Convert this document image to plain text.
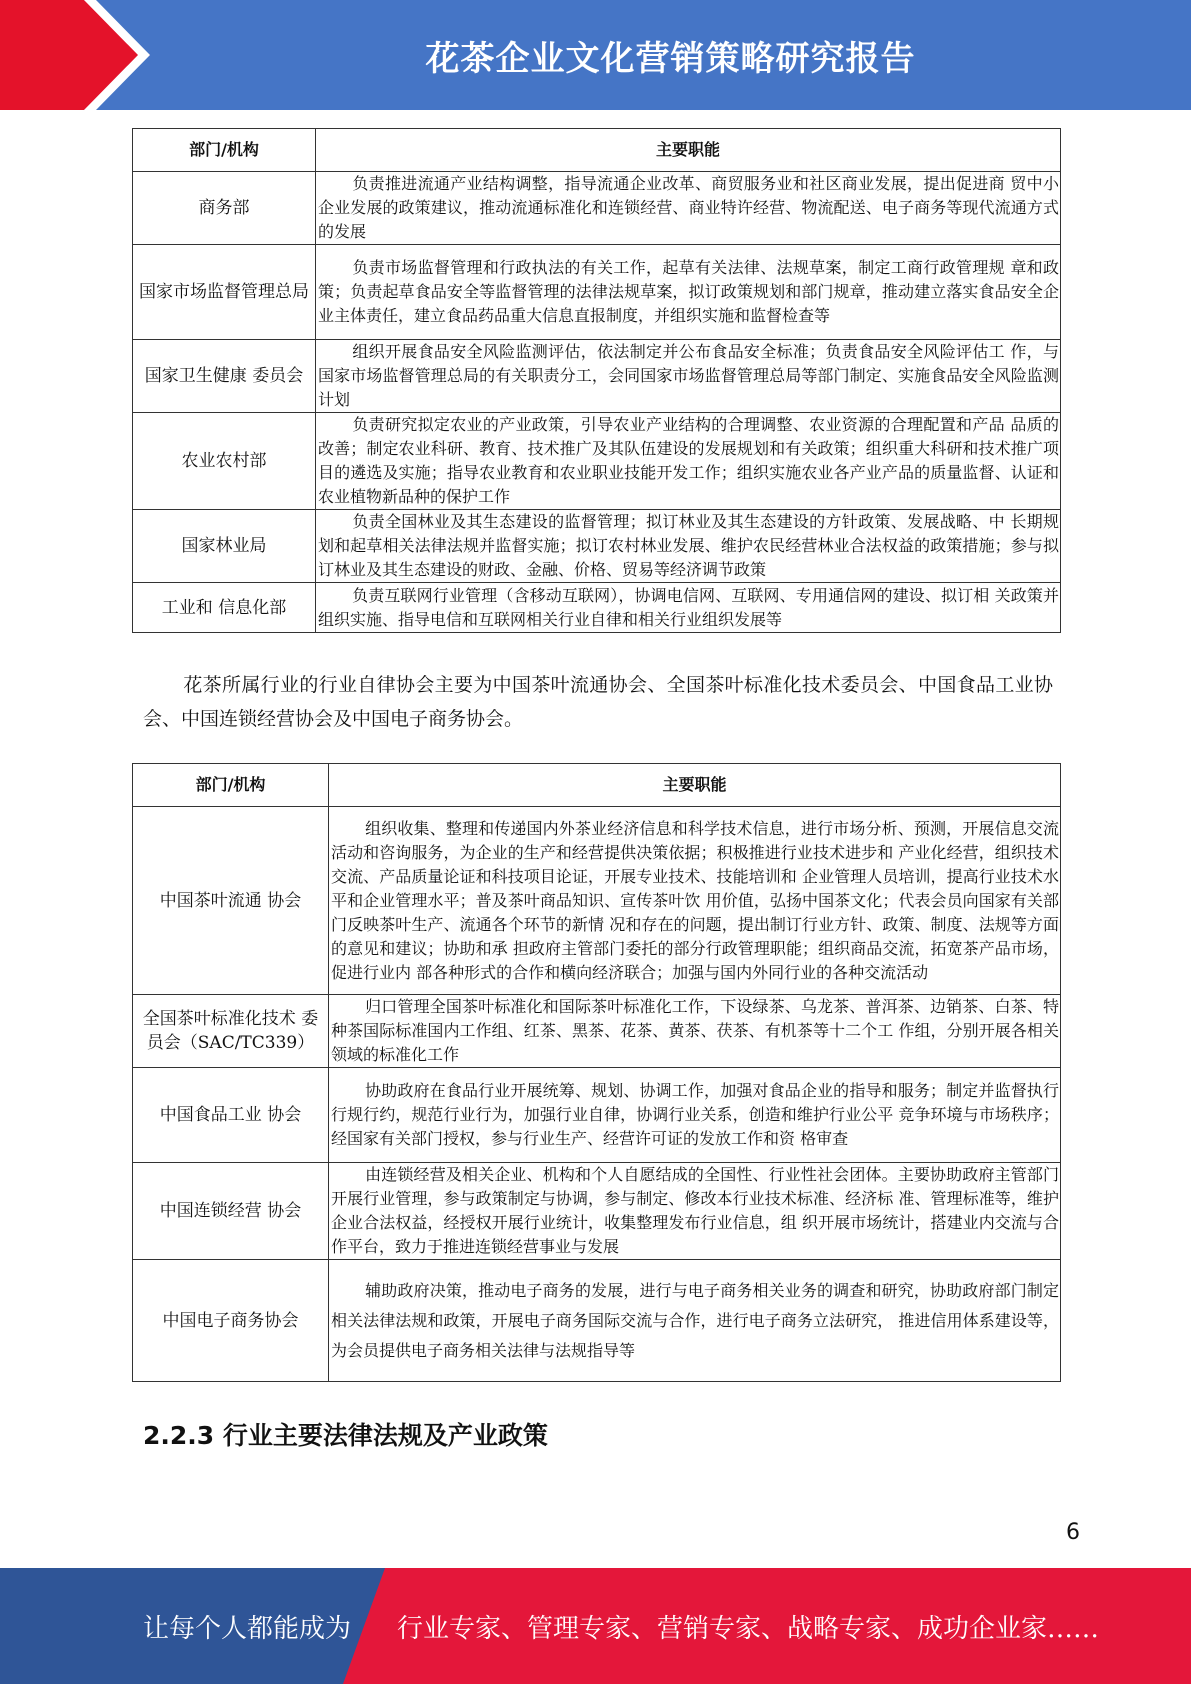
花茶企业文化营销策略研究报告
部门/机构	主要职能
商务部	负责推进流通产业结构调整，指导流通企业改革、商贸服务业和社区商业发展，提出促进商 贸中小企业发展的政策建议，推动流通标准化和连锁经营、商业特许经营、物流配送、电子商务等现代流通方式的发展
国家市场监督管理总局	负责市场监督管理和行政执法的有关工作，起草有关法律、法规草案，制定工商行政管理规 章和政策；负责起草食品安全等监督管理的法律法规草案，拟订政策规划和部门规章，推动建立落实食品安全企业主体责任，建立食品药品重大信息直报制度，并组织实施和监督检查等
国家卫生健康 委员会	组织开展食品安全风险监测评估，依法制定并公布食品安全标准；负责食品安全风险评估工 作，与国家市场监督管理总局的有关职责分工，会同国家市场监督管理总局等部门制定、实施食品安全风险监测计划
农业农村部	负责研究拟定农业的产业政策，引导农业产业结构的合理调整、农业资源的合理配置和产品 品质的改善；制定农业科研、教育、技术推广及其队伍建设的发展规划和有关政策；组织重大科研和技术推广项目的遴选及实施；指导农业教育和农业职业技能开发工作；组织实施农业各产业产品的质量监督、认证和农业植物新品种的保护工作
国家林业局	负责全国林业及其生态建设的监督管理；拟订林业及其生态建设的方针政策、发展战略、中 长期规划和起草相关法律法规并监督实施；拟订农村林业发展、维护农民经营林业合法权益的政策措施；参与拟订林业及其生态建设的财政、金融、价格、贸易等经济调节政策
工业和 信息化部	负责互联网行业管理（含移动互联网），协调电信网、互联网、专用通信网的建设、拟订相 关政策并组织实施、指导电信和互联网相关行业自律和相关行业组织发展等
花茶所属行业的行业自律协会主要为中国茶叶流通协会、全国茶叶标准化技术委员会、中国食品工业协会、中国连锁经营协会及中国电子商务协会。
部门/机构	主要职能
中国茶叶流通 协会	组织收集、整理和传递国内外茶业经济信息和科学技术信息，进行市场分析、预测，开展信息交流活动和咨询服务，为企业的生产和经营提供决策依据；积极推进行业技术进步和 产业化经营，组织技术交流、产品质量论证和科技项目论证，开展专业技术、技能培训和 企业管理人员培训，提高行业技术水平和企业管理水平；普及茶叶商品知识、宣传茶叶饮 用价值，弘扬中国茶文化；代表会员向国家有关部门反映茶叶生产、流通各个环节的新情 况和存在的问题，提出制订行业方针、政策、制度、法规等方面的意见和建议；协助和承 担政府主管部门委托的部分行政管理职能；组织商品交流，拓宽茶产品市场，促进行业内 部各种形式的合作和横向经济联合；加强与国内外同行业的各种交流活动
全国茶叶标准化技术 委员会（SAC/TC339）	归口管理全国茶叶标准化和国际茶叶标准化工作，下设绿茶、乌龙茶、普洱茶、边销茶、白茶、特种茶国际标准国内工作组、红茶、黑茶、花茶、黄茶、茯茶、有机茶等十二个工 作组，分别开展各相关领域的标准化工作
中国食品工业 协会	协助政府在食品行业开展统筹、规划、协调工作，加强对食品企业的指导和服务；制定并监督执行行规行约，规范行业行为，加强行业自律，协调行业关系，创造和维护行业公平 竞争环境与市场秩序；经国家有关部门授权，参与行业生产、经营许可证的发放工作和资 格审查
中国连锁经营 协会	由连锁经营及相关企业、机构和个人自愿结成的全国性、行业性社会团体。主要协助政府主管部门开展行业管理，参与政策制定与协调，参与制定、修改本行业技术标准、经济标 准、管理标准等，维护企业合法权益，经授权开展行业统计，收集整理发布行业信息，组 织开展市场统计，搭建业内交流与合作平台，致力于推进连锁经营事业与发展
中国电子商务协会	辅助政府决策，推动电子商务的发展，进行与电子商务相关业务的调查和研究，协助政府部门制定相关法律法规和政策，开展电子商务国际交流与合作，进行电子商务立法研究， 推进信用体系建设等，为会员提供电子商务相关法律与法规指导等
2.2.3 行业主要法律法规及产业政策
6
让每个人都能成为 行业专家、管理专家、营销专家、战略专家、成功企业家……
